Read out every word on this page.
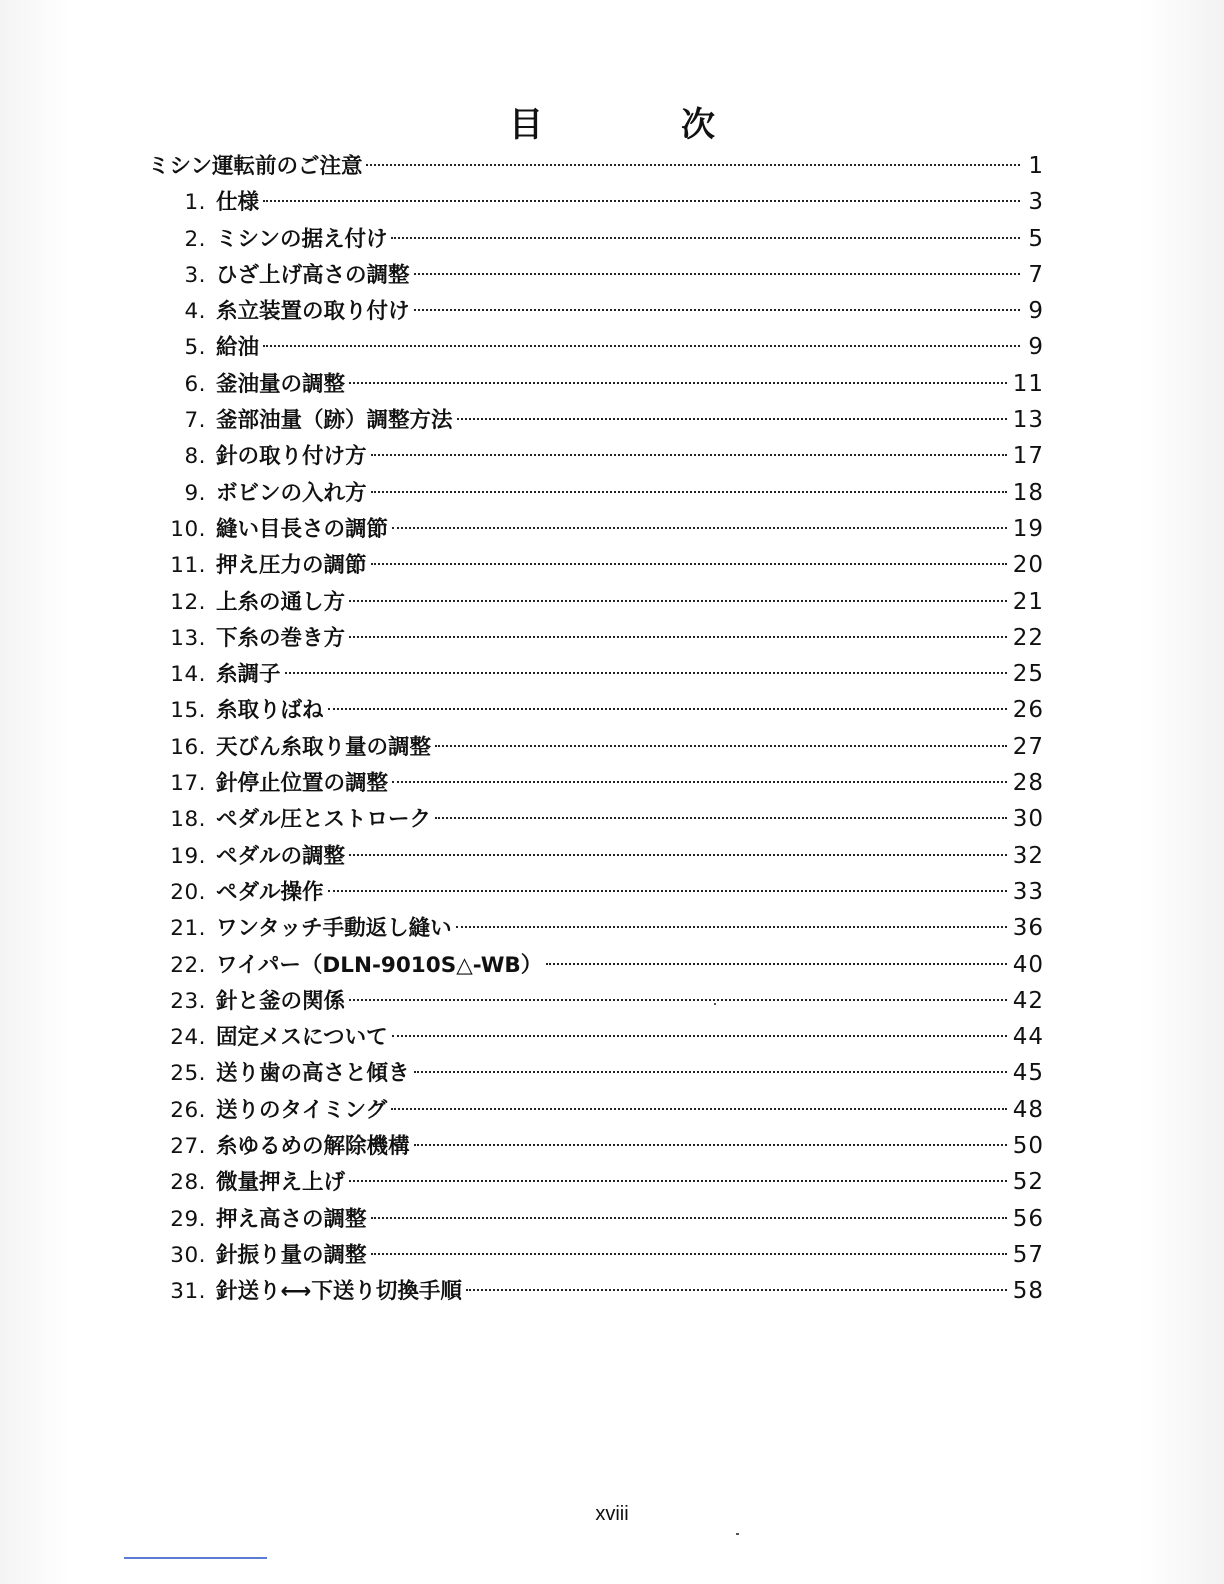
目　次
ミシン運転前のご注意	1
1. 仕様	3
2. ミシンの据え付け	5
3. ひざ上げ高さの調整	7
4. 糸立装置の取り付け	9
5. 給油	9
6. 釜油量の調整	11
7. 釜部油量（跡）調整方法	13
8. 針の取り付け方	17
9. ボビンの入れ方	18
10. 縫い目長さの調節	19
11. 押え圧力の調節	20
12. 上糸の通し方	21
13. 下糸の巻き方	22
14. 糸調子	25
15. 糸取りばね	26
16. 天びん糸取り量の調整	27
17. 針停止位置の調整	28
18. ペダル圧とストローク	30
19. ペダルの調整	32
20. ペダル操作	33
21. ワンタッチ手動返し縫い	36
22. ワイパー（DLN-9010S△-WB）	40
23. 針と釜の関係	42
24. 固定メスについて	44
25. 送り歯の高さと傾き	45
26. 送りのタイミング	48
27. 糸ゆるめの解除機構	50
28. 微量押え上げ	52
29. 押え高さの調整	56
30. 針振り量の調整	57
31. 針送り⟷下送り切換手順	58
xviii
